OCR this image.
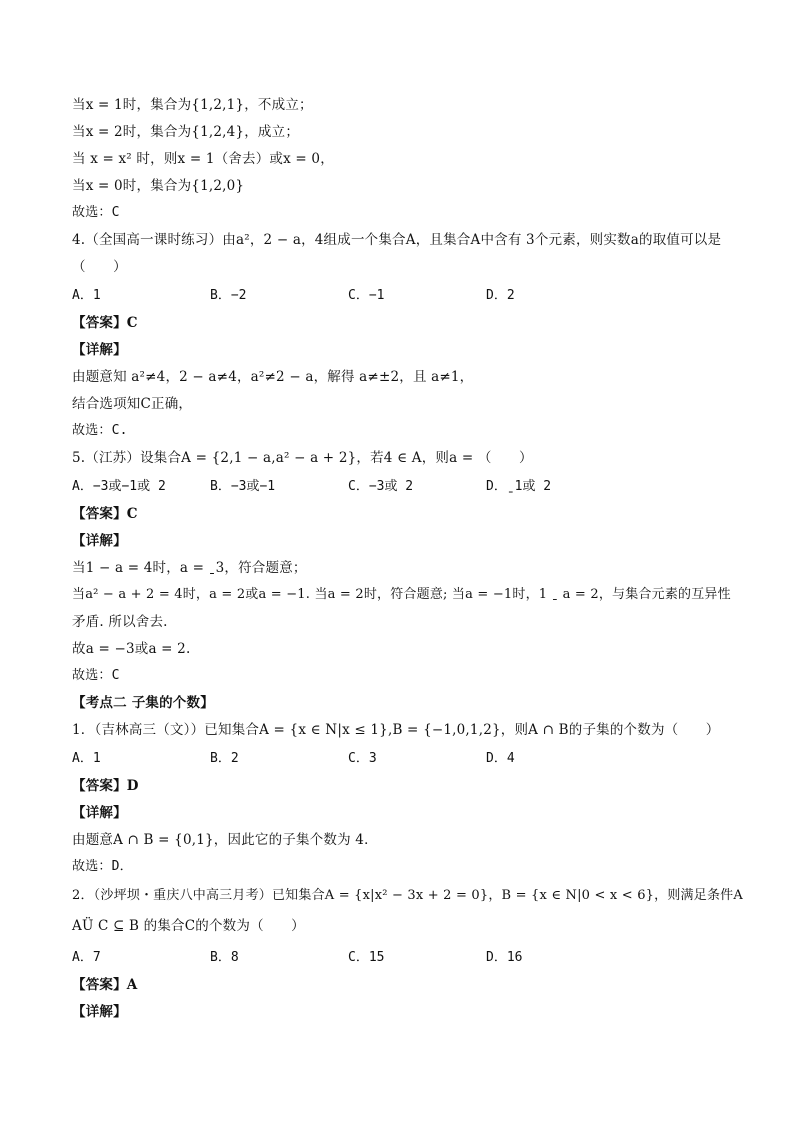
当x = 1时，集合为{1,2,1}，不成立；
当x = 2时，集合为{1,2,4}，成立；
当 x = x² 时，则x = 1（舍去）或x = 0，
当x = 0时，集合为{1,2,0}
故选：C
4.（全国高一课时练习）由a²，2 − a，4组成一个集合A，且集合A中含有 3个元素，则实数a的取值可以是
（　　）
A．1	B．−2	C．−1	D．2
【答案】C
【详解】
由题意知 a²≠4，2 − a≠4，a²≠2 − a，解得 a≠±2，且 a≠1，
结合选项知C正确，
故选：C.
5.（江苏）设集合A = {2,1 − a,a² − a + 2}，若4 ∈ A，则a = （　　）
A．−3或−1或 2	B．−3或−1	C．−3或 2	D．ˍ1或 2
【答案】C
【详解】
当1 − a = 4时，a = ˍ3，符合题意；
当a² − a + 2 = 4时，a = 2或a = −1. 当a = 2时，符合题意; 当a = −1时，1 ˍ a = 2，与集合元素的互异性
矛盾. 所以舍去.
故a = −3或a = 2.
故选：C
【考点二 子集的个数】
1．（吉林高三（文））已知集合A = {x ∈ N|x ≤ 1},B = {−1,0,1,2}，则A ∩ B的子集的个数为（　　）
A．1	B．2	C．3	D．4
【答案】D
【详解】
由题意A ∩ B = {0,1}，因此它的子集个数为 4．
故选：D．
2．（沙坪坝・重庆八中高三月考）已知集合A = {x|x² − 3x + 2 = 0}，B = {x ∈ N|0 < x < 6}，则满足条件A
AÜ C ⊆ B 的集合C的个数为（　　）
A．7	B．8	C．15	D．16
【答案】A
【详解】
